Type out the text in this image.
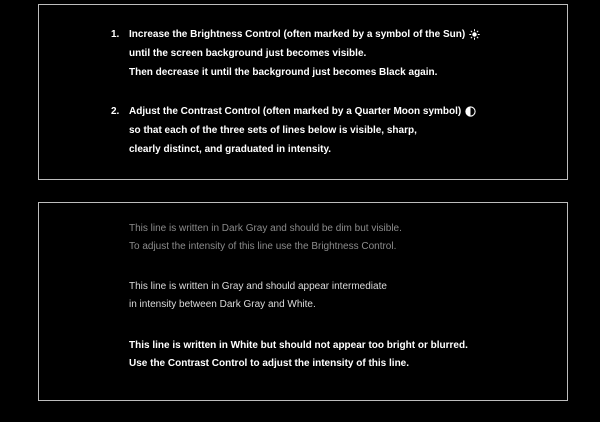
1. Increase the Brightness Control (often marked by a symbol of the Sun)
until the screen background just becomes visible.
Then decrease it until the background just becomes Black again.
2. Adjust the Contrast Control (often marked by a Quarter Moon symbol)
so that each of the three sets of lines below is visible, sharp,
clearly distinct, and graduated in intensity.
This line is written in Dark Gray and should be dim but visible.
To adjust the intensity of this line use the Brightness Control.
This line is written in Gray and should appear intermediate
in intensity between Dark Gray and White.
This line is written in White but should not appear too bright or blurred.
Use the Contrast Control to adjust the intensity of this line.
